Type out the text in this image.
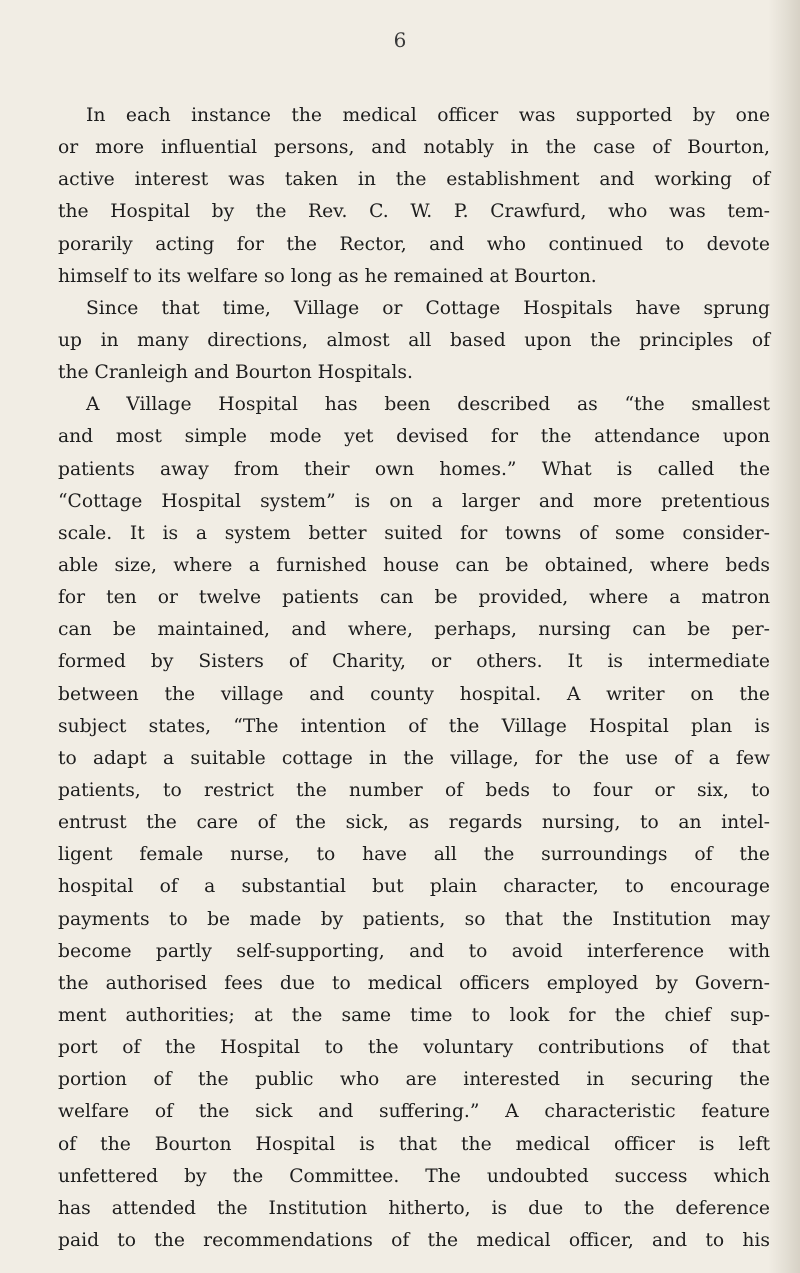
6
In each instance the medical officer was supported by one
or more influential persons, and notably in the case of Bourton,
active interest was taken in the establishment and working of
the Hospital by the Rev. C. W. P. Crawfurd, who was tem-
porarily acting for the Rector, and who continued to devote
himself to its welfare so long as he remained at Bourton.
Since that time, Village or Cottage Hospitals have sprung
up in many directions, almost all based upon the principles of
the Cranleigh and Bourton Hospitals.
A Village Hospital has been described as “the smallest
and most simple mode yet devised for the attendance upon
patients away from their own homes.” What is called the
“Cottage Hospital system” is on a larger and more pretentious
scale. It is a system better suited for towns of some consider-
able size, where a furnished house can be obtained, where beds
for ten or twelve patients can be provided, where a matron
can be maintained, and where, perhaps, nursing can be per-
formed by Sisters of Charity, or others. It is intermediate
between the village and county hospital. A writer on the
subject states, “The intention of the Village Hospital plan is
to adapt a suitable cottage in the village, for the use of a few
patients, to restrict the number of beds to four or six, to
entrust the care of the sick, as regards nursing, to an intel-
ligent female nurse, to have all the surroundings of the
hospital of a substantial but plain character, to encourage
payments to be made by patients, so that the Institution may
become partly self-supporting, and to avoid interference with
the authorised fees due to medical officers employed by Govern-
ment authorities; at the same time to look for the chief sup-
port of the Hospital to the voluntary contributions of that
portion of the public who are interested in securing the
welfare of the sick and suffering.” A characteristic feature
of the Bourton Hospital is that the medical officer is left
unfettered by the Committee. The undoubted success which
has attended the Institution hitherto, is due to the deference
paid to the recommendations of the medical officer, and to his
